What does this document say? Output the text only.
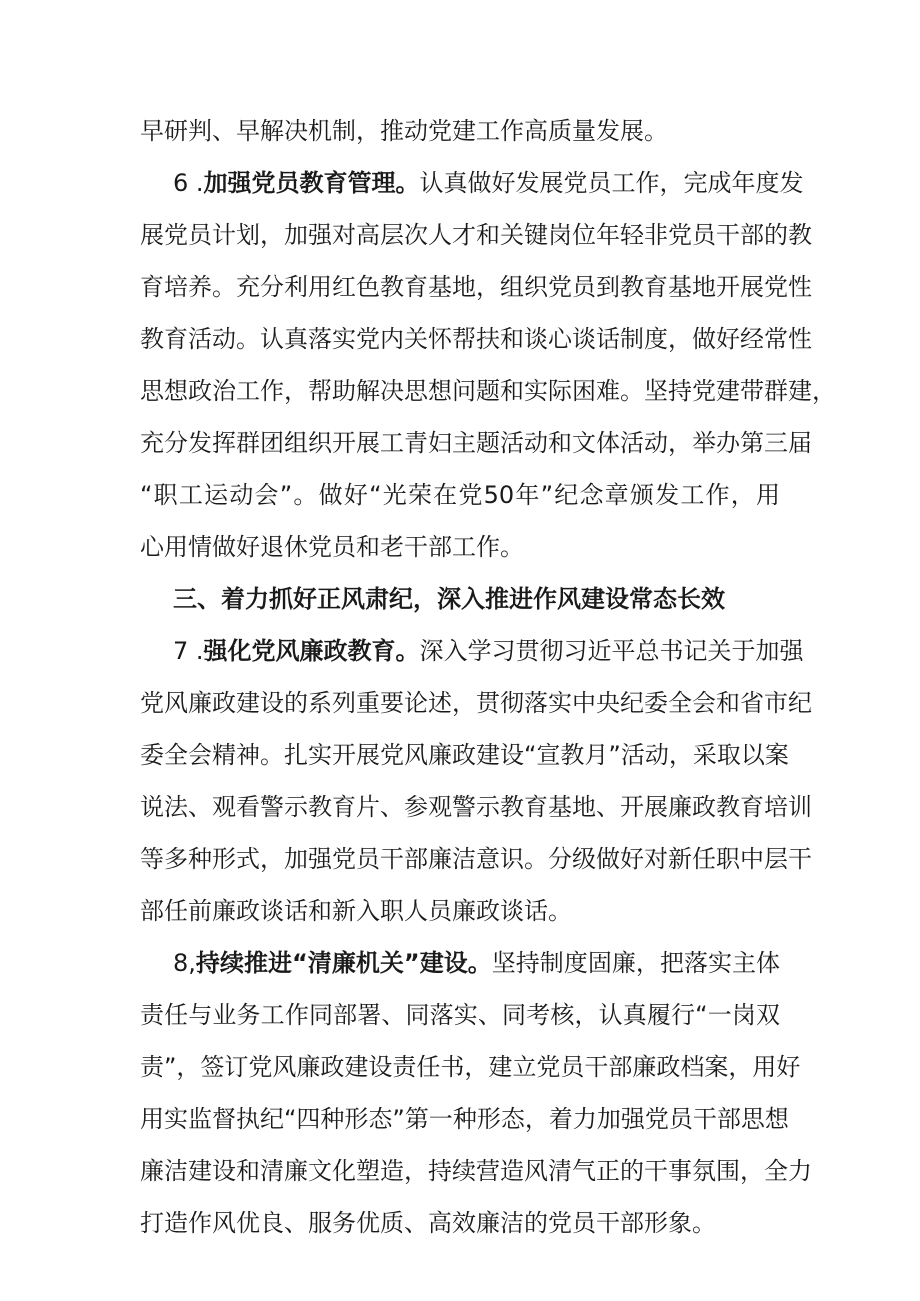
早研判、早解决机制，推动党建工作高质量发展。
6 .加强党员教育管理。认真做好发展党员工作，完成年度发
展党员计划，加强对高层次人才和关键岗位年轻非党员干部的教
育培养。充分利用红色教育基地，组织党员到教育基地开展党性
教育活动。认真落实党内关怀帮扶和谈心谈话制度，做好经常性
思想政治工作，帮助解决思想问题和实际困难。坚持党建带群建，
充分发挥群团组织开展工青妇主题活动和文体活动，举办第三届
“职工运动会”。做好“光荣在党50年”纪念章颁发工作，用
心用情做好退休党员和老干部工作。
三、着力抓好正风肃纪，深入推进作风建设常态长效
7 .强化党风廉政教育。深入学习贯彻习近平总书记关于加强
党风廉政建设的系列重要论述，贯彻落实中央纪委全会和省市纪
委全会精神。扎实开展党风廉政建设“宣教月”活动，采取以案
说法、观看警示教育片、参观警示教育基地、开展廉政教育培训
等多种形式，加强党员干部廉洁意识。分级做好对新任职中层干
部任前廉政谈话和新入职人员廉政谈话。
8,持续推进“清廉机关”建设。坚持制度固廉，把落实主体
责任与业务工作同部署、同落实、同考核，认真履行“一岗双
责”，签订党风廉政建设责任书，建立党员干部廉政档案，用好
用实监督执纪“四种形态”第一种形态，着力加强党员干部思想
廉洁建设和清廉文化塑造，持续营造风清气正的干事氛围，全力
打造作风优良、服务优质、高效廉洁的党员干部形象。
